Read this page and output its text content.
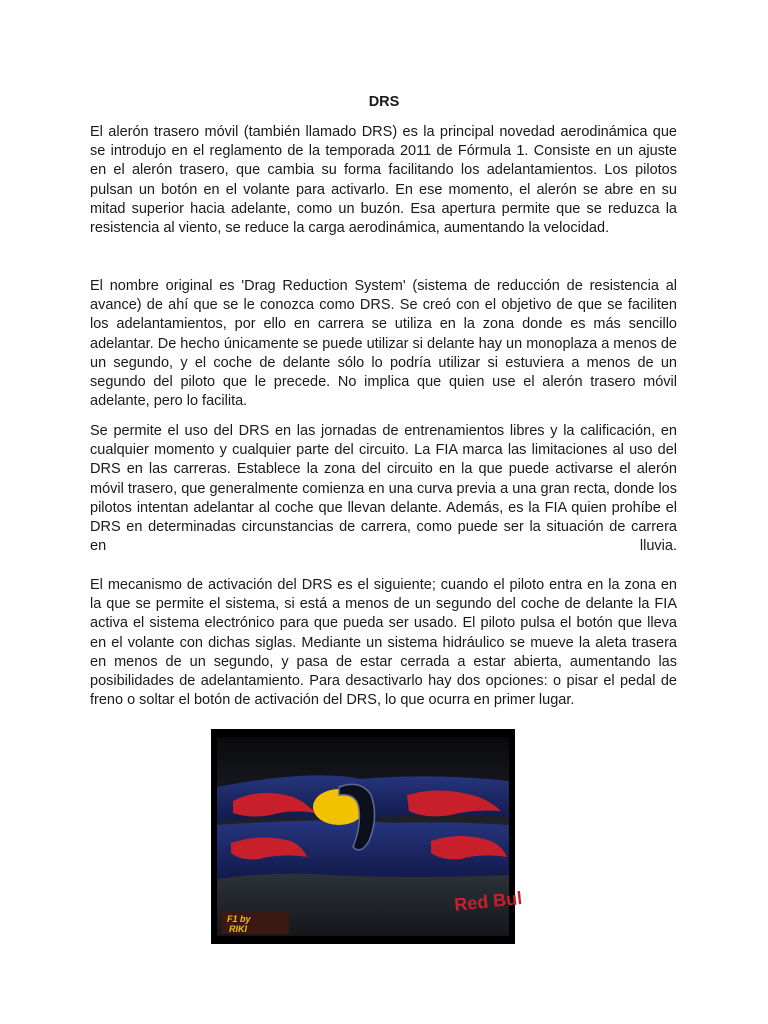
DRS

El alerón trasero móvil (también llamado DRS) es la principal novedad aerodinámica que se introdujo en el reglamento de la temporada 2011 de Fórmula 1. Consiste en un ajuste en el alerón trasero, que cambia su forma facilitando los adelantamientos. Los pilotos pulsan un botón en el volante para activarlo. En ese momento, el alerón se abre en su mitad superior hacia adelante, como un buzón. Esa apertura permite que se reduzca la resistencia al viento, se reduce la carga aerodinámica, aumentando la velocidad.

El nombre original es 'Drag Reduction System' (sistema de reducción de resistencia al avance) de ahí que se le conozca como DRS. Se creó con el objetivo de que se faciliten los adelantamientos, por ello en carrera se utiliza en la zona donde es más sencillo adelantar. De hecho únicamente se puede utilizar si delante hay un monoplaza a menos de un segundo, y el coche de delante sólo lo podría utilizar si estuviera a menos de un segundo del piloto que le precede. No implica que quien use el alerón trasero móvil adelante, pero lo facilita.

Se permite el uso del DRS en las jornadas de entrenamientos libres y la calificación, en cualquier momento y cualquier parte del circuito. La FIA marca las limitaciones al uso del DRS en las carreras. Establece la zona del circuito en la que puede activarse el alerón móvil trasero, que generalmente comienza en una curva previa a una gran recta, donde los pilotos intentan adelantar al coche que llevan delante. Además, es la FIA quien prohíbe el DRS en determinadas circunstancias de carrera, como puede ser la situación de carrera en lluvia.

El mecanismo de activación del DRS es el siguiente; cuando el piloto entra en la zona en la que se permite el sistema, si está a menos de un segundo del coche de delante la FIA activa el sistema electrónico para que pueda ser usado. El piloto pulsa el botón que lleva en el volante con dichas siglas. Mediante un sistema hidráulico se mueve la aleta trasera en menos de un segundo, y pasa de estar cerrada a estar abierta, aumentando las posibilidades de adelantamiento. Para desactivarlo hay dos opciones: o pisar el pedal de freno o soltar el botón de activación del DRS, lo que ocurra en primer lugar.

Red Bul
F1 by
RIKI
